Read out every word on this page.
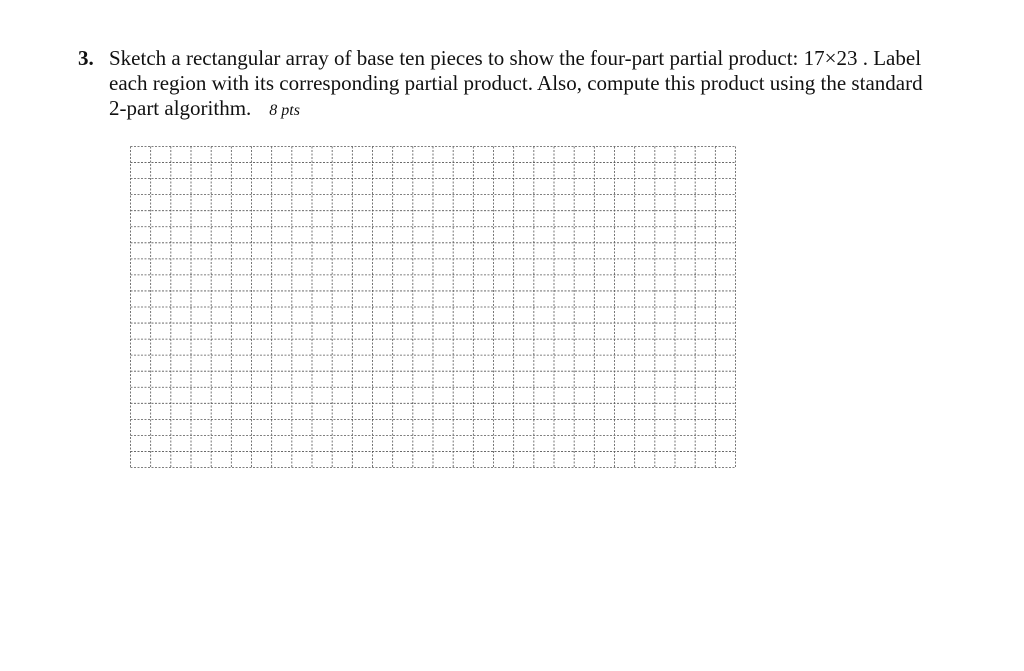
3. Sketch a rectangular array of base ten pieces to show the four-part partial product: 17×23 . Label
each region with its corresponding partial product. Also, compute this product using the standard
2-part algorithm. 8 pts
